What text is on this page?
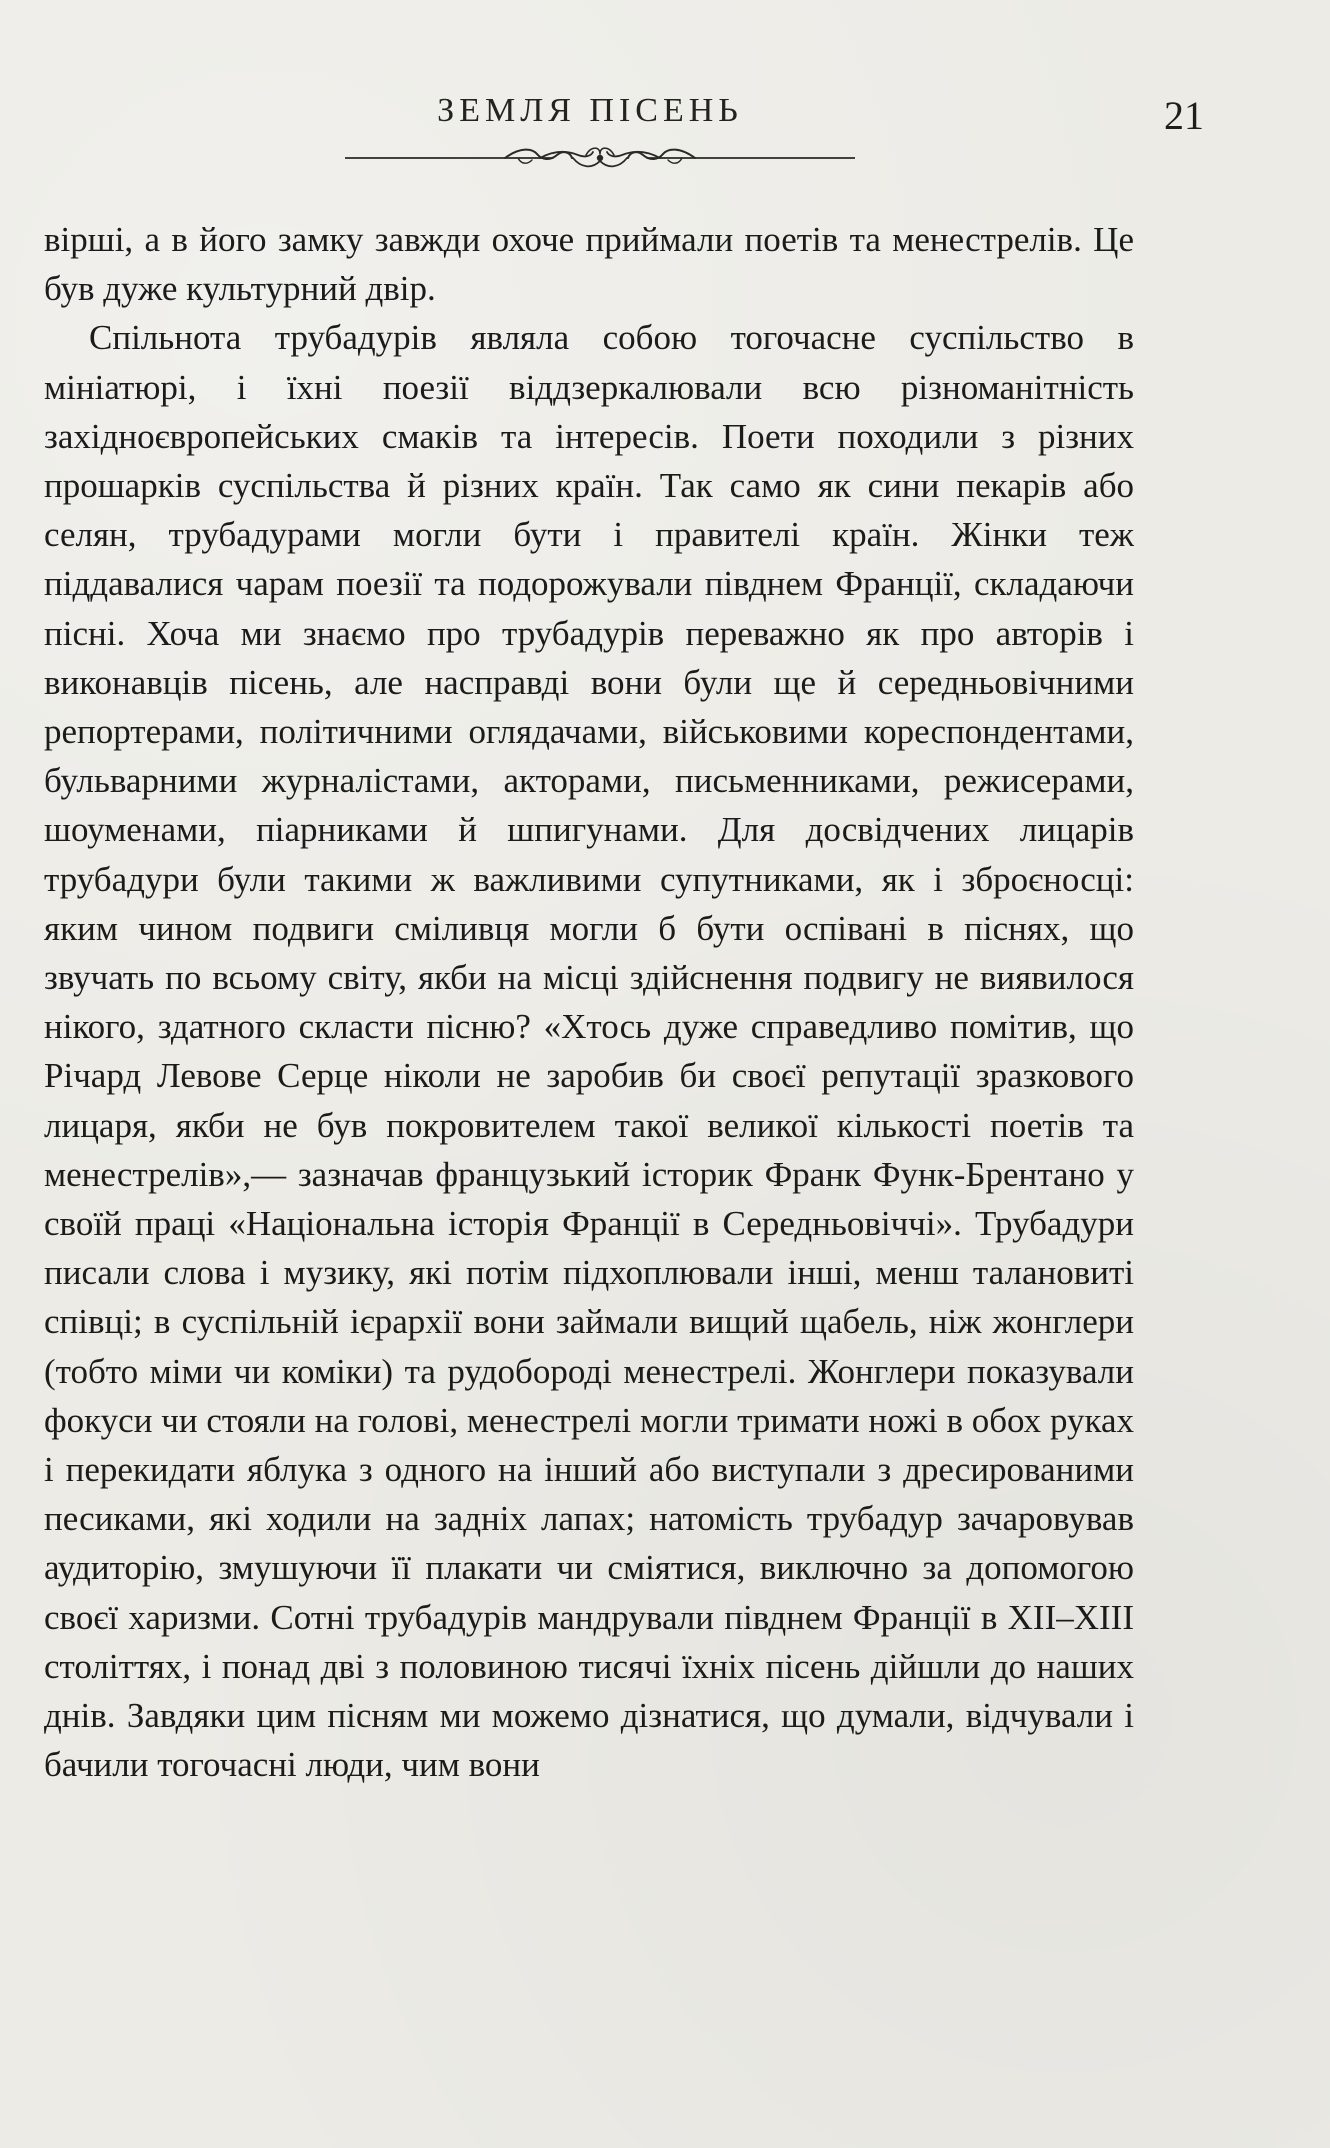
ЗЕМЛЯ ПІСЕНЬ	21

вірші, а в його замку завжди охоче приймали поетів та менестрелів. Це був дуже культурний двір.

Спільнота трубадурів являла собою тогочасне суспільство в мініатюрі, і їхні поезії віддзеркалювали всю різноманітність західноєвропейських смаків та інтересів. Поети походили з різних прошарків суспільства й різних країн. Так само як сини пекарів або селян, трубадурами могли бути і правителі країн. Жінки теж піддавалися чарам поезії та подорожували півднем Франції, складаючи пісні. Хоча ми знаємо про трубадурів переважно як про авторів і виконавців пісень, але насправді вони були ще й середньовічними репортерами, політичними оглядачами, військовими кореспондентами, бульварними журналістами, акторами, письменниками, режисерами, шоуменами, піарниками й шпигунами. Для досвідчених лицарів трубадури були такими ж важливими супутниками, як і зброєносці: яким чином подвиги сміливця могли б бути оспівані в піснях, що звучать по всьому світу, якби на місці здійснення подвигу не виявилося нікого, здатного скласти пісню? «Хтось дуже справедливо помітив, що Річард Левове Серце ніколи не заробив би своєї репутації зразкового лицаря, якби не був покровителем такої великої кількості поетів та менестрелів»,— зазначав французький історик Франк Функ-Брентано у своїй праці «Національна історія Франції в Середньовіччі». Трубадури писали слова і музику, які потім підхоплювали інші, менш талановиті співці; в суспільній ієрархії вони займали вищий щабель, ніж жонглери (тобто міми чи коміки) та рудобороді менестрелі. Жонглери показували фокуси чи стояли на голові, менестрелі могли тримати ножі в обох руках і перекидати яблука з одного на інший або виступали з дресированими песиками, які ходили на задніх лапах; натомість трубадур зачаровував аудиторію, змушуючи її плакати чи сміятися, виключно за допомогою своєї харизми. Сотні трубадурів мандрували півднем Франції в XII–XIII століттях, і понад дві з половиною тисячі їхніх пісень дійшли до наших днів. Завдяки цим пісням ми можемо дізнатися, що думали, відчували і бачили тогочасні люди, чим вони
